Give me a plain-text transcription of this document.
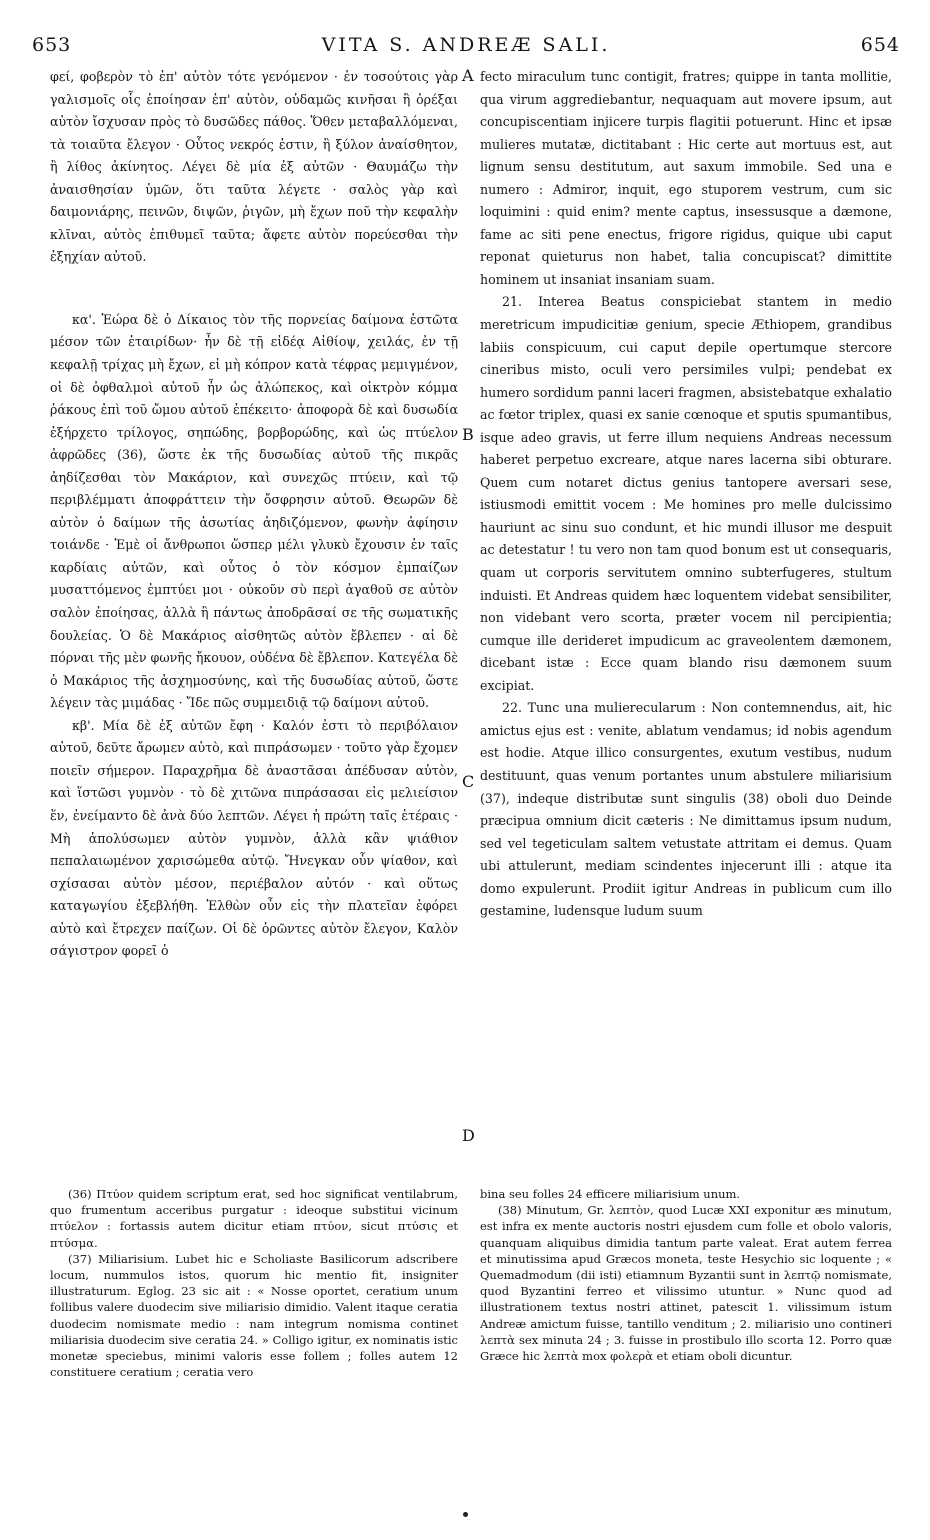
653	VITA S. ANDREÆ SALI.	654

φεί, φοβερὸν τὸ ἐπ' αὐτὸν τότε γενόμενον · ἐν τοσούτοις γὰρ γαλισμοῖς οἷς ἐποίησαν ἐπ' αὐτὸν, οὐδαμῶς κινῆσαι ἢ ὀρέξαι αὐτὸν ἴσχυσαν πρὸς τὸ δυσῶδες πάθος. Ὅθεν μεταβαλλόμεναι, τὰ τοιαῦτα ἔλεγον · Οὗτος νεκρός ἐστιν, ἢ ξύλον ἀναίσθητον, ἢ λίθος ἀκίνητος. Λέγει δὲ μία ἐξ αὐτῶν · Θαυμάζω τὴν ἀναισθησίαν ὑμῶν, ὅτι ταῦτα λέγετε · σαλὸς γὰρ καὶ δαιμονιάρης, πεινῶν, διψῶν, ῥιγῶν, μὴ ἔχων ποῦ τὴν κεφαλὴν κλῖναι, αὐτὸς ἐπιθυμεῖ ταῦτα; ἄφετε αὐτὸν πορεύεσθαι τὴν ἐξηχίαν αὐτοῦ.

κα'. Ἑώρα δὲ ὁ Δίκαιος τὸν τῆς πορνείας δαίμονα ἑστῶτα μέσον τῶν ἑταιρίδων· ἦν δὲ τῇ εἰδέᾳ Αἰθίοψ, χειλάς, ἐν τῇ κεφαλῇ τρίχας μὴ ἔχων, εἰ μὴ κόπρον κατὰ τέφρας μεμιγμένον, οἱ δὲ ὀφθαλμοὶ αὐτοῦ ἦν ὡς ἀλώπεκος, καὶ οἰκτρὸν κόμμα ῥάκους ἐπὶ τοῦ ὤμου αὐτοῦ ἐπέκειτο· ἀποφορὰ δὲ καὶ δυσωδία ἐξήρχετο τρίλογος, σηπώδης, βορβορώδης, καὶ ὡς πτύελον ἀφρῶδες (36), ὥστε ἐκ τῆς δυσωδίας αὐτοῦ τῆς πικρᾶς ἀηδίζεσθαι τὸν Μακάριον, καὶ συνεχῶς πτύειν, καὶ τῷ περιβλέμματι ἀποφράττειν τὴν ὄσφρησιν αὐτοῦ. Θεωρῶν δὲ αὐτὸν ὁ δαίμων τῆς ἀσωτίας ἀηδιζόμενον, φωνὴν ἀφίησιν τοιάνδε · Ἐμὲ οἱ ἄνθρωποι ὥσπερ μέλι γλυκὺ ἔχουσιν ἐν ταῖς καρδίαις αὐτῶν, καὶ οὗτος ὁ τὸν κόσμον ἐμπαίζων μυσαττόμενος ἐμπτύει μοι · οὐκοῦν σὺ περὶ ἀγαθοῦ σε αὐτὸν σαλὸν ἐποίησας, ἀλλὰ ἢ πάντως ἀποδρᾶσαί σε τῆς σωματικῆς δουλείας. Ὁ δὲ Μακάριος αἰσθητῶς αὐτὸν ἔβλεπεν · αἱ δὲ πόρναι τῆς μὲν φωνῆς ἤκουον, οὐδένα δὲ ἔβλεπον. Κατεγέλα δὲ ὁ Μακάριος τῆς ἀσχημοσύνης, καὶ τῆς δυσωδίας αὐτοῦ, ὥστε λέγειν τὰς μιμάδας · Ἴδε πῶς συμμειδιᾷ τῷ δαίμονι αὐτοῦ.

κβ'. Μία δὲ ἐξ αὐτῶν ἔφη · Καλόν ἐστι τὸ περιβόλαιον αὐτοῦ, δεῦτε ἄρωμεν αὐτὸ, καὶ πιπράσωμεν · τοῦτο γὰρ ἔχομεν ποιεῖν σήμερον. Παραχρῆμα δὲ ἀναστᾶσαι ἀπέδυσαν αὐτὸν, καὶ ἵστῶσι γυμνὸν · τὸ δὲ χιτῶνα πιπράσασαι εἰς μελιείσιον ἕν, ἐνείμαντο δὲ ἀνὰ δύο λεπτῶν. Λέγει ἡ πρώτη ταῖς ἑτέραις · Μὴ ἀπολύσωμεν αὐτὸν γυμνὸν, ἀλλὰ κἂν ψιάθιον πεπαλαιωμένον χαρισώμεθα αὐτῷ. Ἤνεγκαν οὖν ψίαθον, καὶ σχίσασαι αὐτὸν μέσον, περιέβαλον αὐτόν · καὶ οὕτως καταγωγίου ἐξεβλήθη. Ἐλθὼν οὖν εἰς τὴν πλατεῖαν ἐφόρει αὐτὸ καὶ ἔτρεχεν παίζων. Οἱ δὲ ὁρῶντες αὐτὸν ἔλεγον, Καλὸν σάγιστρον φορεῖ ὁ

A
B
C
D

fecto miraculum tunc contigit, fratres; quippe in tanta mollitie, qua virum aggrediebantur, nequaquam aut movere ipsum, aut concupiscentiam injicere turpis flagitii potuerunt. Hinc et ipsæ mulieres mutatæ, dictitabant : Hic certe aut mortuus est, aut lignum sensu destitutum, aut saxum immobile. Sed una e numero : Admiror, inquit, ego stuporem vestrum, cum sic loquimini : quid enim? mente captus, insessusque a dæmone, fame ac siti pene enectus, frigore rigidus, quique ubi caput reponat quieturus non habet, talia concupiscat? dimittite hominem ut insaniat insaniam suam.

21. Interea Beatus conspiciebat stantem in medio meretricum impudicitiæ genium, specie Æthiopem, grandibus labiis conspicuum, cui caput depile opertumque stercore cineribus misto, oculi vero persimiles vulpi; pendebat ex humero sordidum panni laceri fragmen, absistebatque exhalatio ac fœtor triplex, quasi ex sanie cœnoque et sputis spumantibus, isque adeo gravis, ut ferre illum nequiens Andreas necessum haberet perpetuo excreare, atque nares lacerna sibi obturare. Quem cum notaret dictus genius tantopere aversari sese, istiusmodi emittit vocem : Me homines pro melle dulcissimo hauriunt ac sinu suo condunt, et hic mundi illusor me despuit ac detestatur ! tu vero non tam quod bonum est ut consequaris, quam ut corporis servitutem omnino subterfugeres, stultum induisti. Et Andreas quidem hæc loquentem videbat sensibiliter, non videbant vero scorta, præter vocem nil percipientia; cumque ille derideret impudicum ac graveolentem dæmonem, dicebant istæ : Ecce quam blando risu dæmonem suum excipiat.

22. Tunc una mulierecularum : Non contemnendus, ait, hic amictus ejus est : venite, ablatum vendamus; id nobis agendum est hodie. Atque illico consurgentes, exutum vestibus, nudum destituunt, quas venum portantes unum abstulere miliarisium (37), indeque distributæ sunt singulis (38) oboli duo Deinde præcipua omnium dicit cæteris : Ne dimittamus ipsum nudum, sed vel tegeticulam saltem vetustate attritam ei demus. Quam ubi attulerunt, mediam scindentes injecerunt illi : atque ita domo expulerunt. Prodiit igitur Andreas in publicum cum illo gestamine, ludensque ludum suum

(36) Πτύον quidem scriptum erat, sed hoc significat ventilabrum, quo frumentum acceribus purgatur : ideoque substitui vicinum πτύελον : fortassis autem dicitur etiam πτύον, sicut πτύσις et πτύσμα.

(37) Miliarisium. Lubet hic e Scholiaste Basilicorum adscribere locum, nummulos istos, quorum hic mentio fit, insigniter illustraturum. Eglog. 23 sic ait : « Nosse oportet, ceratium unum follibus valere duodecim sive miliarisio dimidio. Valent itaque ceratia duodecim nomismate medio : nam integrum nomisma continet miliarisia duodecim sive ceratia 24. » Colligo igitur, ex nominatis istic monetæ speciebus, minimi valoris esse follem ; folles autem 12 constituere ceratium ; ceratia vero

bina seu folles 24 efficere miliarisium unum.

(38) Minutum, Gr. λεπτὸν, quod Lucæ XXI exponitur æs minutum, est infra ex mente auctoris nostri ejusdem cum folle et obolo valoris, quanquam aliquibus dimidia tantum parte valeat. Erat autem ferrea et minutissima apud Græcos moneta, teste Hesychio sic loquente ; « Quemadmodum (dii isti) etiamnum Byzantii sunt in λεπτῷ nomismate, quod Byzantini ferreo et vilissimo utuntur. » Nunc quod ad illustrationem textus nostri attinet, patescit 1. vilissimum istum Andreæ amictum fuisse, tantillo venditum ; 2. miliarisio uno contineri λεπτὰ sex minuta 24 ; 3. fuisse in prostibulo illo scorta 12. Porro quæ Græce hic λεπτὰ mox φολερὰ et etiam oboli dicuntur.
